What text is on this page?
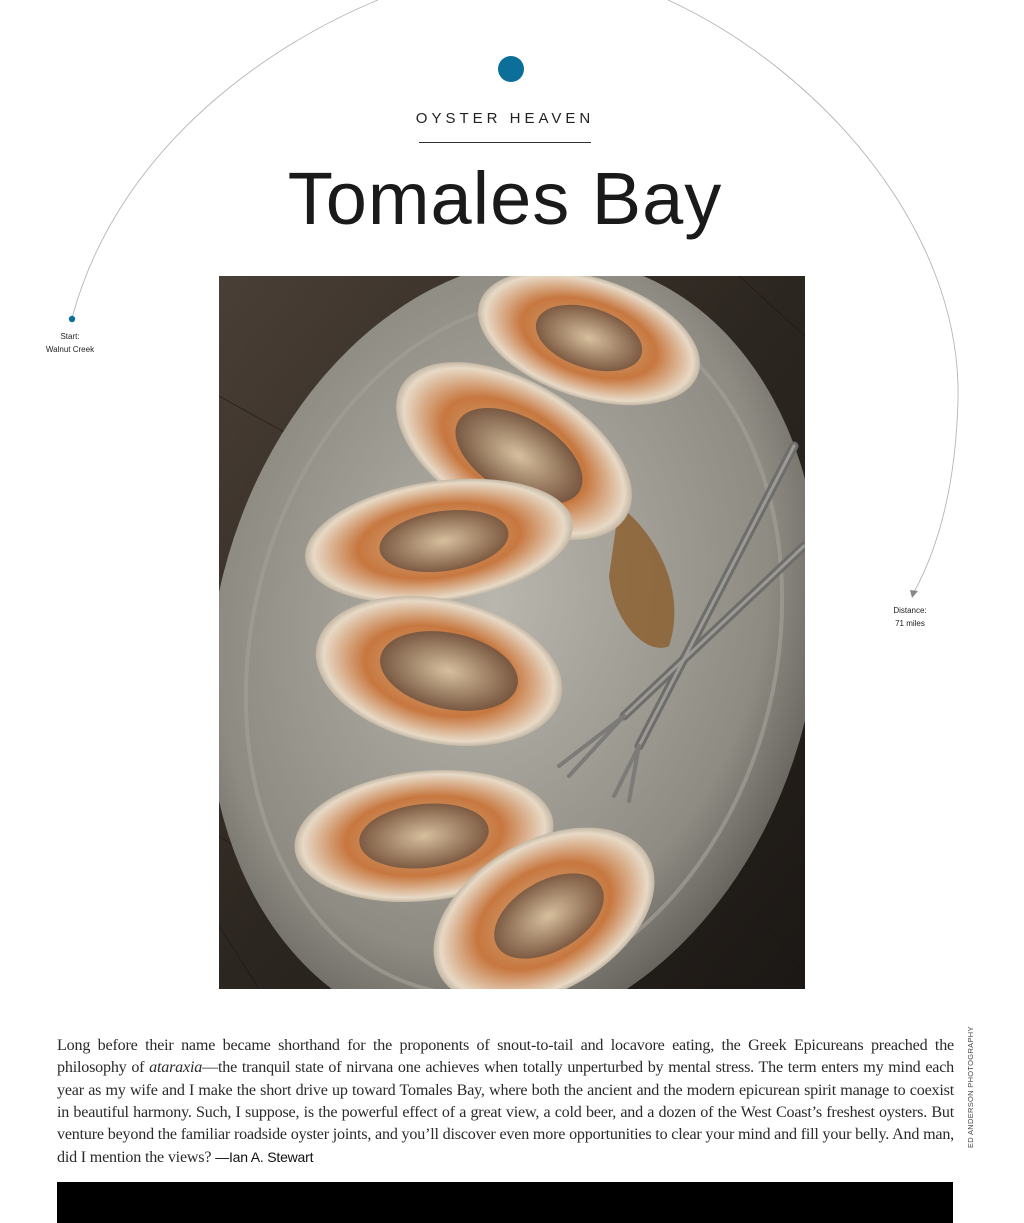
OYSTER HEAVEN
Tomales Bay
Start:
Walnut Creek
Distance:
71 miles

Long before their name became shorthand for the proponents of snout-to-tail and locavore eating, the Greek Epicureans preached the philosophy of ataraxia—the tranquil state of nirvana one achieves when totally unperturbed by mental stress. The term enters my mind each year as my wife and I make the short drive up toward Tomales Bay, where both the ancient and the modern epicurean spirit manage to coexist in beautiful harmony. Such, I suppose, is the powerful effect of a great view, a cold beer, and a dozen of the West Coast’s freshest oysters. But venture beyond the familiar roadside oyster joints, and you’ll discover even more opportunities to clear your mind and fill your belly. And man, did I mention the views? —Ian A. Stewart

ED ANDERSON PHOTOGRAPHY
